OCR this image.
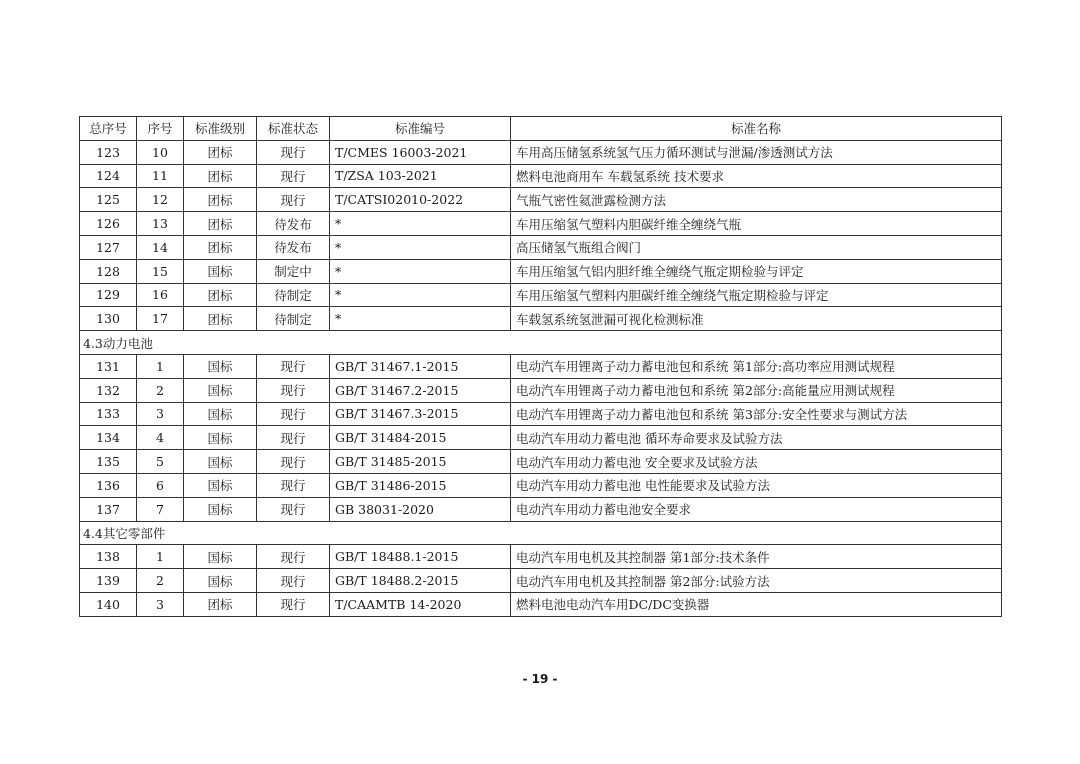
总序号	序号	标准级别	标准状态	标准编号	标准名称
123	10	团标	现行	T/CMES 16003-2021	车用高压储氢系统氢气压力循环测试与泄漏/渗透测试方法
124	11	团标	现行	T/ZSA 103-2021	燃料电池商用车 车载氢系统 技术要求
125	12	团标	现行	T/CATSI02010-2022	气瓶气密性氦泄露检测方法
126	13	团标	待发布	*	车用压缩氢气塑料内胆碳纤维全缠绕气瓶
127	14	团标	待发布	*	高压储氢气瓶组合阀门
128	15	国标	制定中	*	车用压缩氢气铝内胆纤维全缠绕气瓶定期检验与评定
129	16	团标	待制定	*	车用压缩氢气塑料内胆碳纤维全缠绕气瓶定期检验与评定
130	17	团标	待制定	*	车载氢系统氢泄漏可视化检测标准
4.3动力电池					
131	1	国标	现行	GB/T 31467.1-2015	电动汽车用锂离子动力蓄电池包和系统 第1部分:高功率应用测试规程
132	2	国标	现行	GB/T 31467.2-2015	电动汽车用锂离子动力蓄电池包和系统 第2部分:高能量应用测试规程
133	3	国标	现行	GB/T 31467.3-2015	电动汽车用锂离子动力蓄电池包和系统 第3部分:安全性要求与测试方法
134	4	国标	现行	GB/T 31484-2015	电动汽车用动力蓄电池 循环寿命要求及试验方法
135	5	国标	现行	GB/T 31485-2015	电动汽车用动力蓄电池 安全要求及试验方法
136	6	国标	现行	GB/T 31486-2015	电动汽车用动力蓄电池 电性能要求及试验方法
137	7	国标	现行	GB 38031-2020	电动汽车用动力蓄电池安全要求
4.4其它零部件					
138	1	国标	现行	GB/T 18488.1-2015	电动汽车用电机及其控制器 第1部分:技术条件
139	2	国标	现行	GB/T 18488.2-2015	电动汽车用电机及其控制器 第2部分:试验方法
140	3	团标	现行	T/CAAMTB 14-2020	燃料电池电动汽车用DC/DC变换器
- 19 -
